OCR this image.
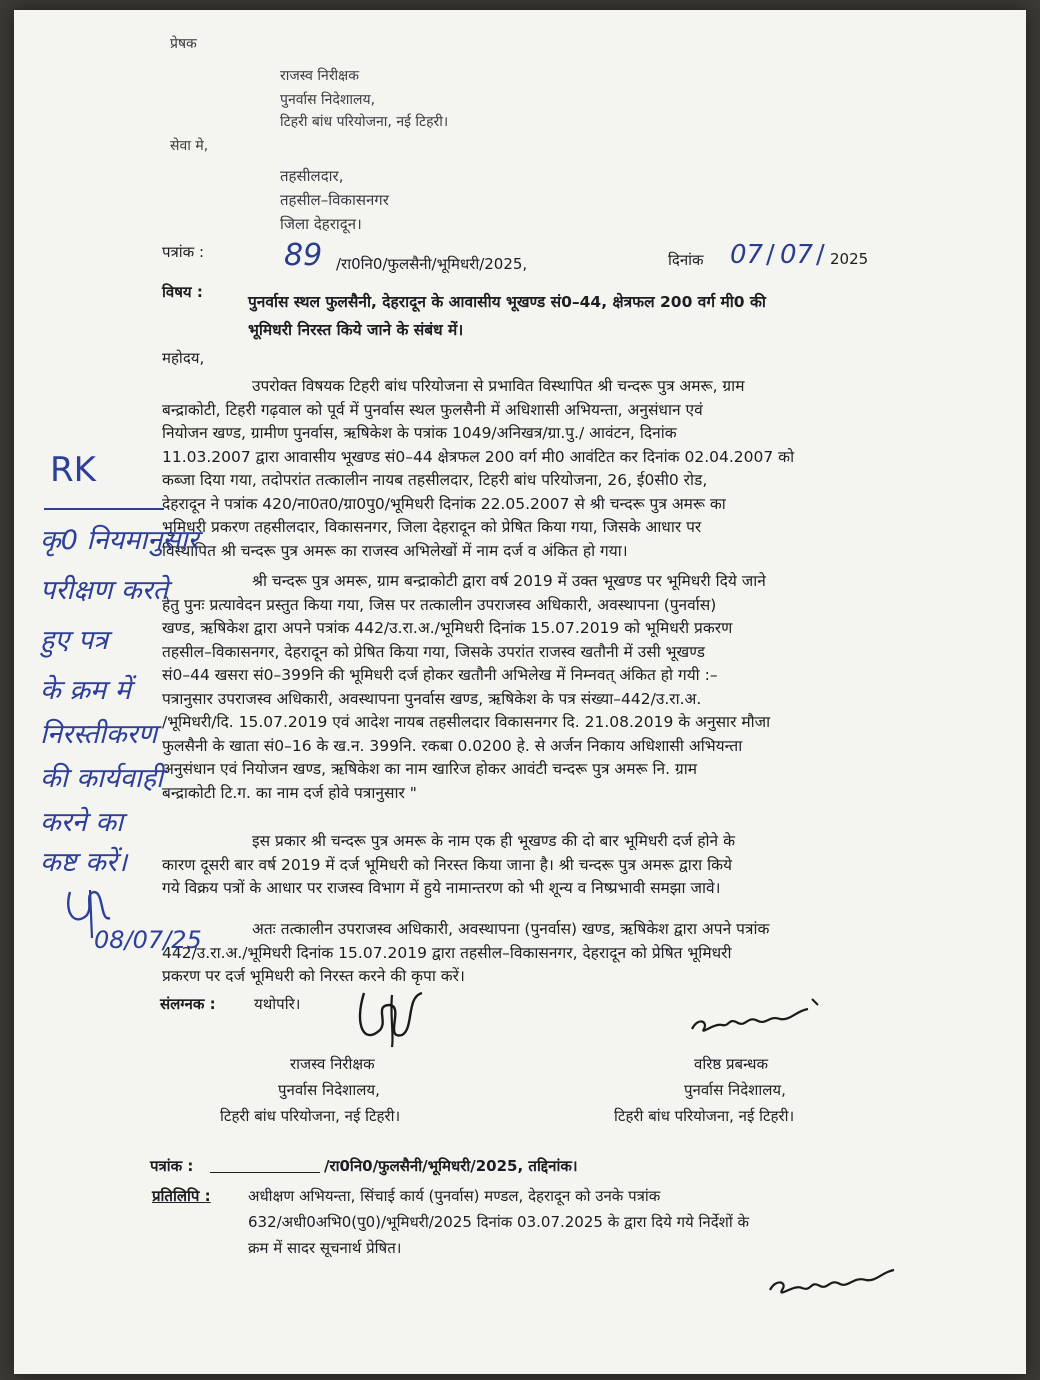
प्रेषक
राजस्व निरीक्षक
पुनर्वास निदेशालय,
टिहरी बांध परियोजना, नई टिहरी।
सेवा मे,
तहसीलदार,
तहसील–विकासनगर
जिला देहरादून।
पत्रांक :	89 /रा0नि0/फुलसैनी/भूमिधरी/2025,	दिनांक 07 / 07 / 2025
विषय :
पुनर्वास स्थल फुलसैनी, देहरादून के आवासीय भूखण्ड सं0–44, क्षेत्रफल 200 वर्ग मी0 की
भूमिधरी निरस्त किये जाने के संबंध में।
महोदय,
उपरोक्त विषयक टिहरी बांध परियोजना से प्रभावित विस्थापित श्री चन्दरू पुत्र अमरू, ग्राम
बन्द्राकोटी, टिहरी गढ़वाल को पूर्व में पुनर्वास स्थल फुलसैनी में अधिशासी अभियन्ता, अनुसंधान एवं
नियोजन खण्ड, ग्रामीण पुनर्वास, ऋषिकेश के पत्रांक 1049/अनिखत्र/ग्रा.पु./ आवंटन, दिनांक
11.03.2007 द्वारा आवासीय भूखण्ड सं0–44 क्षेत्रफल 200 वर्ग मी0 आवंटित कर दिनांक 02.04.2007 को
कब्जा दिया गया, तदोपरांत तत्कालीन नायब तहसीलदार, टिहरी बांध परियोजना, 26, ई0सी0 रोड,
देहरादून ने पत्रांक 420/ना0त0/ग्रा0पु0/भूमिधरी दिनांक 22.05.2007 से श्री चन्दरू पुत्र अमरू का
भूमिधरी प्रकरण तहसीलदार, विकासनगर, जिला देहरादून को प्रेषित किया गया, जिसके आधार पर
विस्थापित श्री चन्दरू पुत्र अमरू का राजस्व अभिलेखों में नाम दर्ज व अंकित हो गया।
श्री चन्दरू पुत्र अमरू, ग्राम बन्द्राकोटी द्वारा वर्ष 2019 में उक्त भूखण्ड पर भूमिधरी दिये जाने
हेतु पुनः प्रत्यावेदन प्रस्तुत किया गया, जिस पर तत्कालीन उपराजस्व अधिकारी, अवस्थापना (पुनर्वास)
खण्ड, ऋषिकेश द्वारा अपने पत्रांक 442/उ.रा.अ./भूमिधरी दिनांक 15.07.2019 को भूमिधरी प्रकरण
तहसील–विकासनगर, देहरादून को प्रेषित किया गया, जिसके उपरांत राजस्व खतौनी में उसी भूखण्ड
सं0–44 खसरा सं0–399नि की भूमिधरी दर्ज होकर खतौनी अभिलेख में निम्नवत् अंकित हो गयी :–
पत्रानुसार उपराजस्व अधिकारी, अवस्थापना पुनर्वास खण्ड, ऋषिकेश के पत्र संख्या–442/उ.रा.अ.
/भूमिधरी/दि. 15.07.2019 एवं आदेश नायब तहसीलदार विकासनगर दि. 21.08.2019 के अनुसार मौजा
फुलसैनी के खाता सं0–16 के ख.न. 399नि. रकबा 0.0200 हे. से अर्जन निकाय अधिशासी अभियन्ता
अनुसंधान एवं नियोजन खण्ड, ऋषिकेश का नाम खारिज होकर आवंटी चन्दरू पुत्र अमरू नि. ग्राम
बन्द्राकोटी टि.ग. का नाम दर्ज होवे पत्रानुसार "
इस प्रकार श्री चन्दरू पुत्र अमरू के नाम एक ही भूखण्ड की दो बार भूमिधरी दर्ज होने के
कारण दूसरी बार वर्ष 2019 में दर्ज भूमिधरी को निरस्त किया जाना है। श्री चन्दरू पुत्र अमरू द्वारा किये
गये विक्रय पत्रों के आधार पर राजस्व विभाग में हुये नामान्तरण को भी शून्य व निष्प्रभावी समझा जावे।
अतः तत्कालीन उपराजस्व अधिकारी, अवस्थापना (पुनर्वास) खण्ड, ऋषिकेश द्वारा अपने पत्रांक
442/उ.रा.अ./भूमिधरी दिनांक 15.07.2019 द्वारा तहसील–विकासनगर, देहरादून को प्रेषित भूमिधरी
प्रकरण पर दर्ज भूमिधरी को निरस्त करने की कृपा करें।
संलग्नक :	यथोपरि।
राजस्व निरीक्षक
पुनर्वास निदेशालय,
टिहरी बांध परियोजना, नई टिहरी।
वरिष्ठ प्रबन्धक
पुनर्वास निदेशालय,
टिहरी बांध परियोजना, नई टिहरी।
पत्रांक :	/रा0नि0/फुलसैनी/भूमिधरी/2025, तद्दिनांक।
प्रतिलिपि : अधीक्षण अभियन्ता, सिंचाई कार्य (पुनर्वास) मण्डल, देहरादून को उनके पत्रांक
632/अधी0अभि0(पु0)/भूमिधरी/2025 दिनांक 03.07.2025 के द्वारा दिये गये निर्देशों के
क्रम में सादर सूचनार्थ प्रेषित।
RK
कृ0 नियमानुसार
परीक्षण करते
हुए पत्र
के क्रम में
निरस्तीकरण
की कार्यवाही
करने का
कष्ट करें।
08/07/25
